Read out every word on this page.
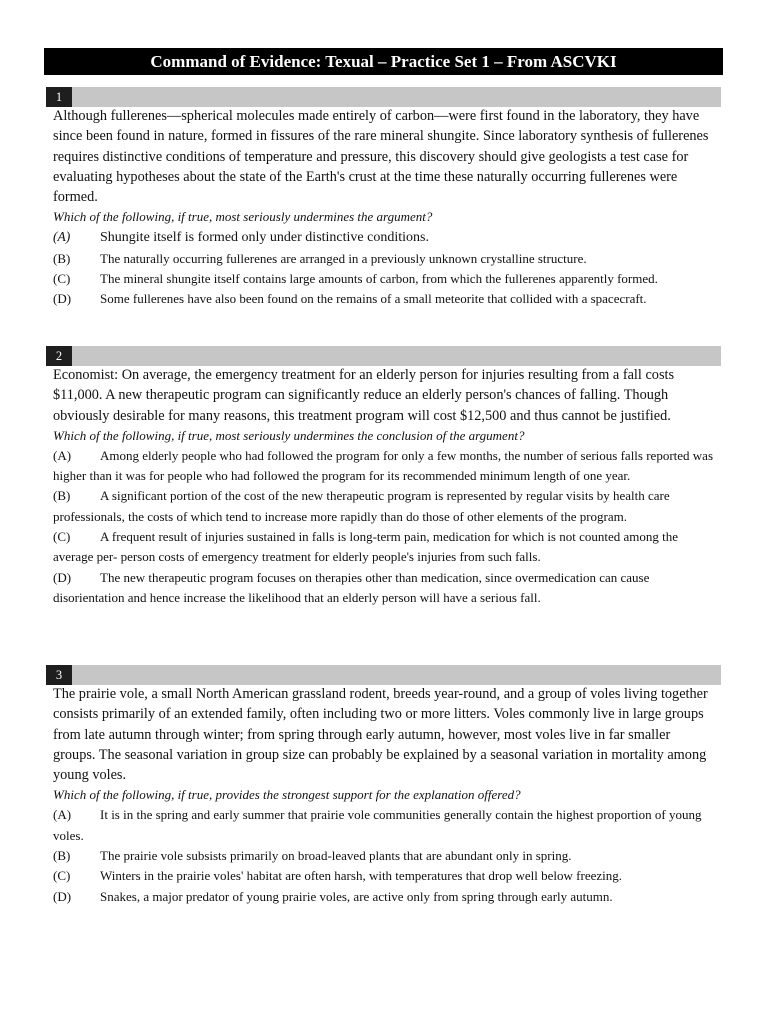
Command of Evidence: Texual – Practice Set 1 – From ASCVKI
1

Although fullerenes—spherical molecules made entirely of carbon—were first found in the laboratory, they have since been found in nature, formed in fissures of the rare mineral shungite. Since laboratory synthesis of fullerenes requires distinctive conditions of temperature and pressure, this discovery should give geologists a test case for evaluating hypotheses about the state of the Earth's crust at the time these naturally occurring fullerenes were formed.

Which of the following, if true, most seriously undermines the argument?

(A) Shungite itself is formed only under distinctive conditions.

(B) The naturally occurring fullerenes are arranged in a previously unknown crystalline structure.

(C) The mineral shungite itself contains large amounts of carbon, from which the fullerenes apparently formed.

(D) Some fullerenes have also been found on the remains of a small meteorite that collided with a spacecraft.

2

Economist: On average, the emergency treatment for an elderly person for injuries resulting from a fall costs $11,000. A new therapeutic program can significantly reduce an elderly person's chances of falling. Though obviously desirable for many reasons, this treatment program will cost $12,500 and thus cannot be justified.

Which of the following, if true, most seriously undermines the conclusion of the argument?

(A) Among elderly people who had followed the program for only a few months, the number of serious falls reported was higher than it was for people who had followed the program for its recommended minimum length of one year.

(B) A significant portion of the cost of the new therapeutic program is represented by regular visits by health care professionals, the costs of which tend to increase more rapidly than do those of other elements of the program.

(C) A frequent result of injuries sustained in falls is long-term pain, medication for which is not counted among the average per- person costs of emergency treatment for elderly people's injuries from such falls.

(D) The new therapeutic program focuses on therapies other than medication, since overmedication can cause disorientation and hence increase the likelihood that an elderly person will have a serious fall.

3

The prairie vole, a small North American grassland rodent, breeds year-round, and a group of voles living together consists primarily of an extended family, often including two or more litters. Voles commonly live in large groups from late autumn through winter; from spring through early autumn, however, most voles live in far smaller groups. The seasonal variation in group size can probably be explained by a seasonal variation in mortality among young voles.

Which of the following, if true, provides the strongest support for the explanation offered?

(A) It is in the spring and early summer that prairie vole communities generally contain the highest proportion of young voles.

(B) The prairie vole subsists primarily on broad-leaved plants that are abundant only in spring.

(C) Winters in the prairie voles' habitat are often harsh, with temperatures that drop well below freezing.

(D) Snakes, a major predator of young prairie voles, are active only from spring through early autumn.
